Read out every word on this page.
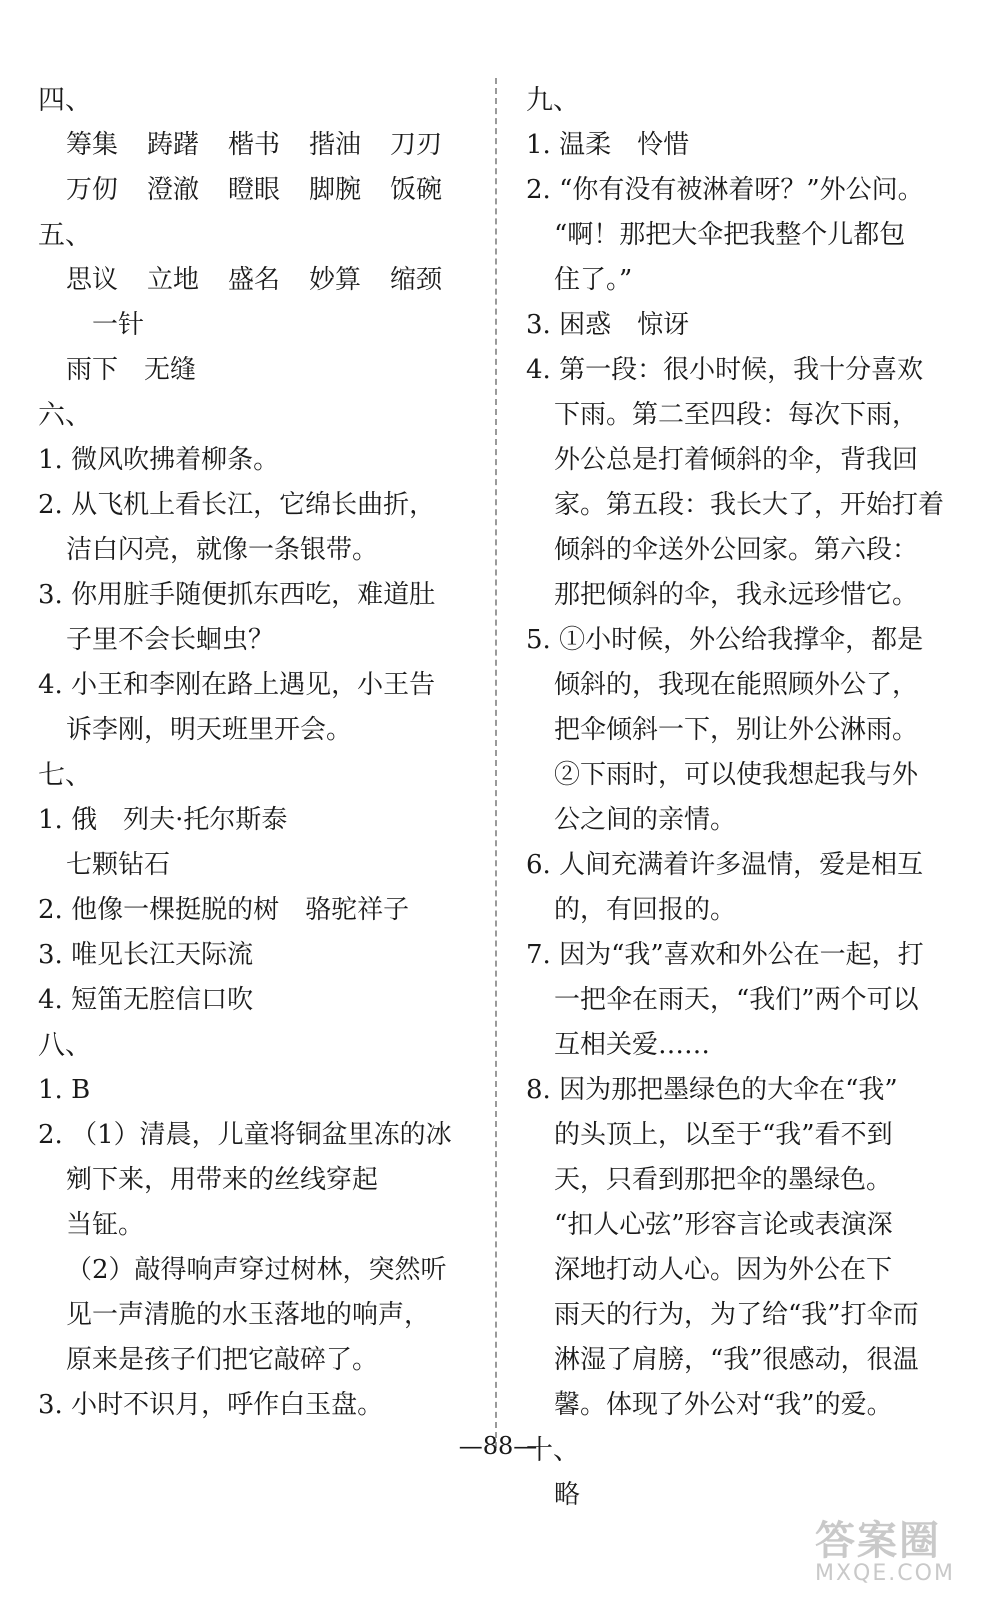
四、
筹集 踌躇 楷书 揩油 刀刃
万仞 澄澈 瞪眼 脚腕 饭碗
五、
思议 立地 盛名 妙算 缩颈
一针
雨下　无缝
六、
1. 微风吹拂着柳条。
2. 从飞机上看长江，它绵长曲折，
洁白闪亮，就像一条银带。
3. 你用脏手随便抓东西吃，难道肚
子里不会长蛔虫？
4. 小王和李刚在路上遇见，小王告
诉李刚，明天班里开会。
七、
1. 俄　列夫·托尔斯泰
七颗钻石
2. 他像一棵挺脱的树　骆驼祥子
3. 唯见长江天际流
4. 短笛无腔信口吹
八、
1. B
2. （1）清晨，儿童将铜盆里冻的冰
剜下来，用带来的丝线穿起
当钲。
（2）敲得响声穿过树林，突然听
见一声清脆的水玉落地的响声，
原来是孩子们把它敲碎了。
3. 小时不识月，呼作白玉盘。
九、
1. 温柔　怜惜
2. “你有没有被淋着呀？”外公问。
“啊！那把大伞把我整个儿都包
住了。”
3. 困惑　惊讶
4. 第一段：很小时候，我十分喜欢
下雨。第二至四段：每次下雨，
外公总是打着倾斜的伞，背我回
家。第五段：我长大了，开始打着
倾斜的伞送外公回家。第六段：
那把倾斜的伞，我永远珍惜它。
5. ①小时候，外公给我撑伞，都是
倾斜的，我现在能照顾外公了，
把伞倾斜一下，别让外公淋雨。
②下雨时，可以使我想起我与外
公之间的亲情。
6. 人间充满着许多温情，爱是相互
的，有回报的。
7. 因为“我”喜欢和外公在一起，打
一把伞在雨天，“我们”两个可以
互相关爱……
8. 因为那把墨绿色的大伞在“我”
的头顶上，以至于“我”看不到
天，只看到那把伞的墨绿色。
“扣人心弦”形容言论或表演深
深地打动人心。因为外公在下
雨天的行为，为了给“我”打伞而
淋湿了肩膀，“我”很感动，很温
馨。体现了外公对“我”的爱。
十、
略
—88—
答案圈
MXQE.COM
